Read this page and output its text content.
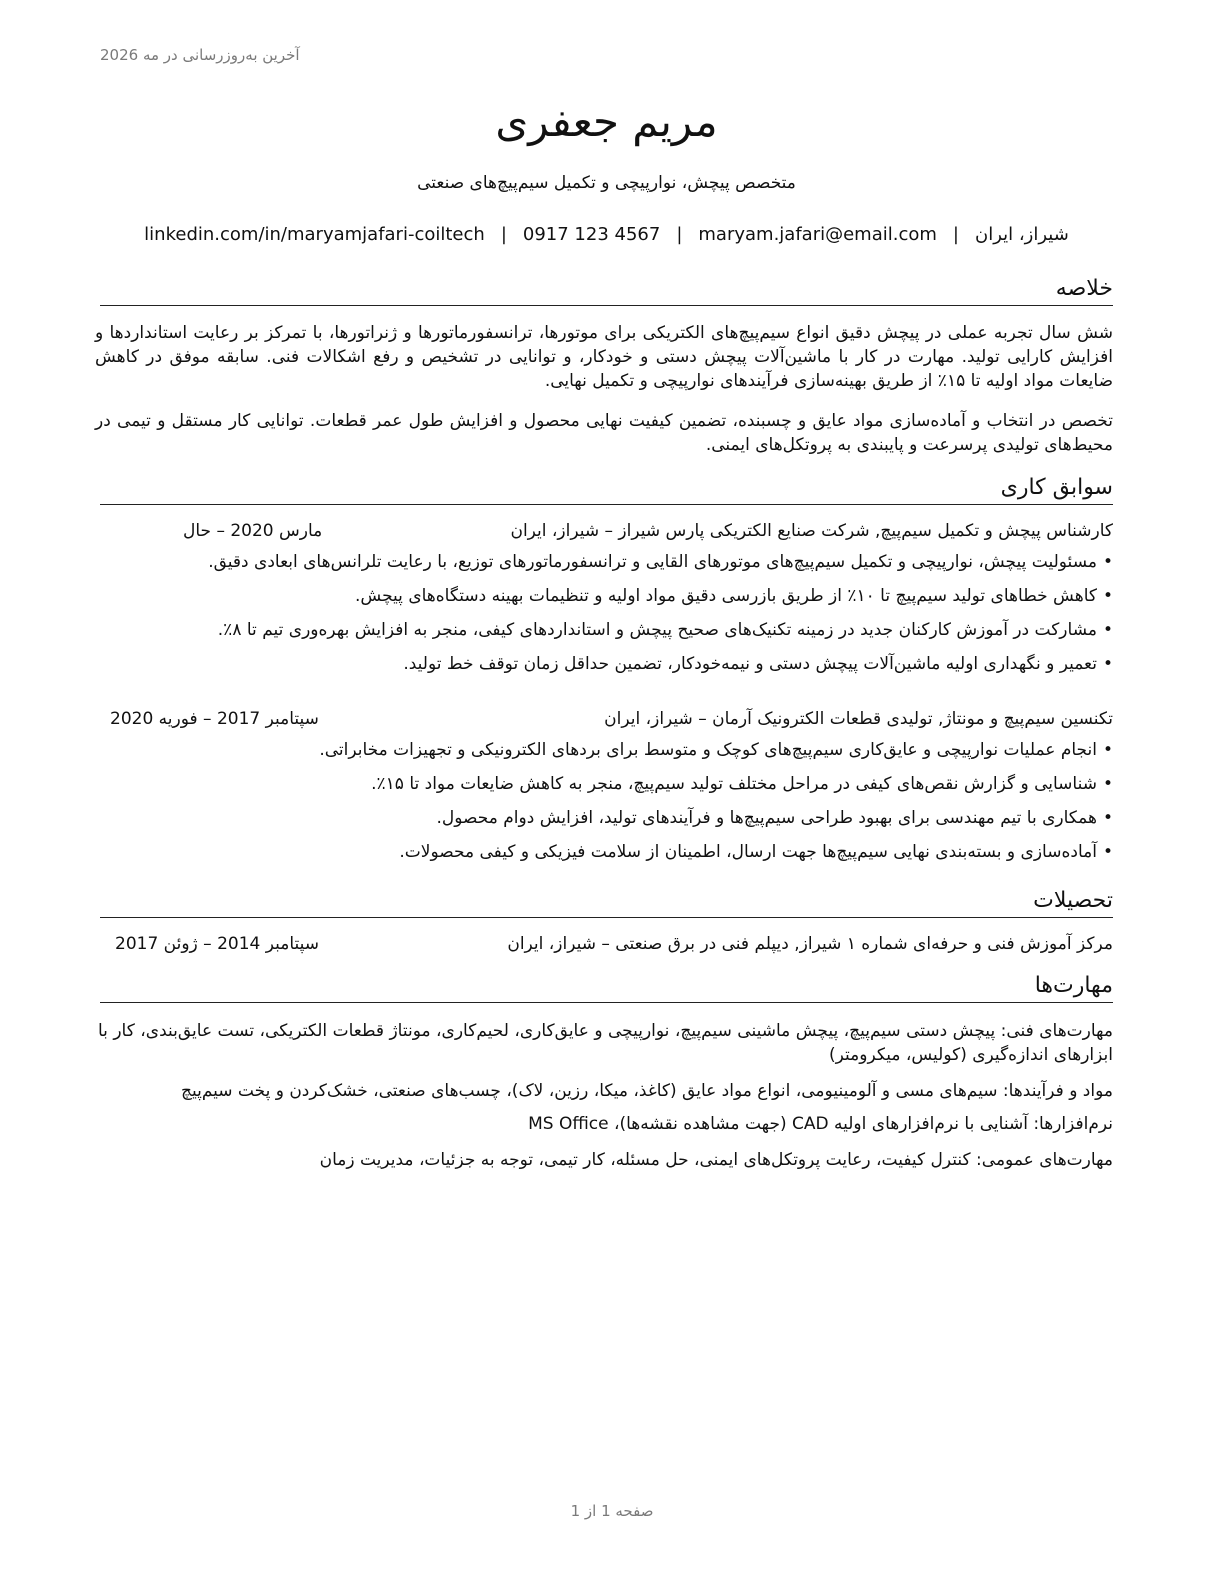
آخرین به‌روزرسانی در مه 2026
مریم جعفری
متخصص پیچش، نوارپیچی و تکمیل سیم‌پیچ‌های صنعتی
شیراز، ایران|maryam.jafari@email.com|0917 123 4567|linkedin.com/in/maryamjafari-coiltech
خلاصه
شش سال تجربه عملی در پیچش دقیق انواع سیم‌پیچ‌های الکتریکی برای موتورها، ترانسفورماتورها و ژنراتورها، با تمرکز بر رعایت استانداردها و افزایش کارایی تولید. مهارت در کار با ماشین‌آلات پیچش دستی و خودکار، و توانایی در تشخیص و رفع اشکالات فنی. سابقه موفق در کاهش ضایعات مواد اولیه تا ۱۵٪ از طریق بهینه‌سازی فرآیندهای نوارپیچی و تکمیل نهایی.
تخصص در انتخاب و آماده‌سازی مواد عایق و چسبنده، تضمین کیفیت نهایی محصول و افزایش طول عمر قطعات. توانایی کار مستقل و تیمی در محیط‌های تولیدی پرسرعت و پایبندی به پروتکل‌های ایمنی.
سوابق کاری
کارشناس پیچش و تکمیل سیم‌پیچ, شرکت صنایع الکتریکی پارس شیراز – شیراز، ایران
مارس 2020 – حال
•مسئولیت پیچش، نوارپیچی و تکمیل سیم‌پیچ‌های موتورهای القایی و ترانسفورماتورهای توزیع، با رعایت تلرانس‌های ابعادی دقیق.
•کاهش خطاهای تولید سیم‌پیچ تا ۱۰٪ از طریق بازرسی دقیق مواد اولیه و تنظیمات بهینه دستگاه‌های پیچش.
•مشارکت در آموزش کارکنان جدید در زمینه تکنیک‌های صحیح پیچش و استانداردهای کیفی، منجر به افزایش بهره‌وری تیم تا ۸٪.
•تعمیر و نگهداری اولیه ماشین‌آلات پیچش دستی و نیمه‌خودکار، تضمین حداقل زمان توقف خط تولید.
تکنسین سیم‌پیچ و مونتاژ, تولیدی قطعات الکترونیک آرمان – شیراز، ایران
سپتامبر 2017 – فوریه 2020
•انجام عملیات نوارپیچی و عایق‌کاری سیم‌پیچ‌های کوچک و متوسط برای بردهای الکترونیکی و تجهیزات مخابراتی.
•شناسایی و گزارش نقص‌های کیفی در مراحل مختلف تولید سیم‌پیچ، منجر به کاهش ضایعات مواد تا ۱۵٪.
•همکاری با تیم مهندسی برای بهبود طراحی سیم‌پیچ‌ها و فرآیندهای تولید، افزایش دوام محصول.
•آماده‌سازی و بسته‌بندی نهایی سیم‌پیچ‌ها جهت ارسال، اطمینان از سلامت فیزیکی و کیفی محصولات.
تحصیلات
مرکز آموزش فنی و حرفه‌ای شماره ۱ شیراز, دیپلم فنی در برق صنعتی – شیراز، ایران
سپتامبر 2014 – ژوئن 2017
مهارت‌ها
مهارت‌های فنی: پیچش دستی سیم‌پیچ، پیچش ماشینی سیم‌پیچ، نوارپیچی و عایق‌کاری، لحیم‌کاری، مونتاژ قطعات الکتریکی، تست عایق‌بندی، کار با ابزارهای اندازه‌گیری (کولیس، میکرومتر)
مواد و فرآیندها: سیم‌های مسی و آلومینیومی، انواع مواد عایق (کاغذ، میکا، رزین، لاک)، چسب‌های صنعتی، خشک‌کردن و پخت سیم‌پیچ
نرم‌افزارها: آشنایی با نرم‌افزارهای اولیه CAD (جهت مشاهده نقشه‌ها)، MS Office
مهارت‌های عمومی: کنترل کیفیت، رعایت پروتکل‌های ایمنی، حل مسئله، کار تیمی، توجه به جزئیات، مدیریت زمان
صفحه 1 از 1
